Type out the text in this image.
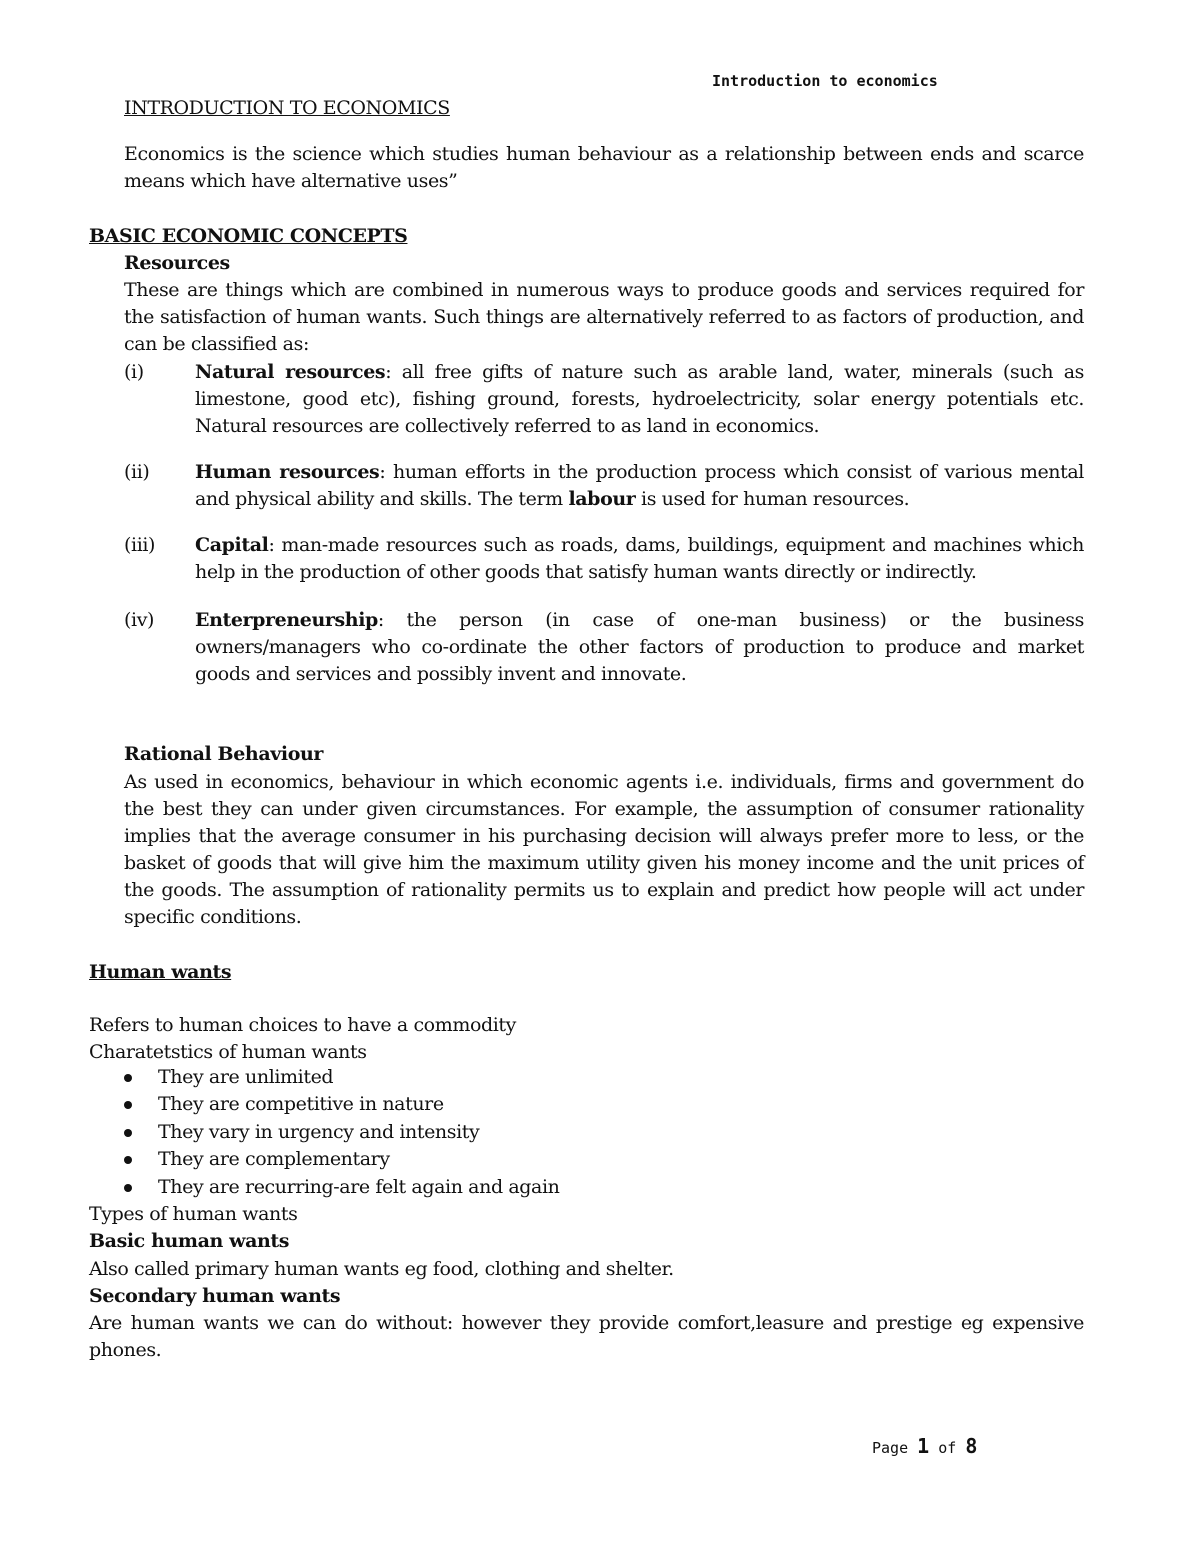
Introduction to economics
INTRODUCTION TO ECONOMICS
Economics is the science which studies human behaviour as a relationship between ends and scarce means which have alternative uses”
BASIC ECONOMIC CONCEPTS
Resources
These are things which are combined in numerous ways to produce goods and services required for the satisfaction of human wants. Such things are alternatively referred to as factors of production, and can be classified as:
(i)	Natural resources: all free gifts of nature such as arable land, water, minerals (such as limestone, good etc), fishing ground, forests, hydroelectricity, solar energy potentials etc. Natural resources are collectively referred to as land in economics.
(ii) Human resources: human efforts in the production process which consist of various mental and physical ability and skills. The term labour is used for human resources.
(iii) Capital: man-made resources such as roads, dams, buildings, equipment and machines which help in the production of other goods that satisfy human wants directly or indirectly.
(iv) Enterpreneurship: the person (in case of one-man business) or the business owners/managers who co-ordinate the other factors of production to produce and market goods and services and possibly invent and innovate.
Rational Behaviour
As used in economics, behaviour in which economic agents i.e. individuals, firms and government do the best they can under given circumstances. For example, the assumption of consumer rationality implies that the average consumer in his purchasing decision will always prefer more to less, or the basket of goods that will give him the maximum utility given his money income and the unit prices of the goods. The assumption of rationality permits us to explain and predict how people will act under specific conditions.
Human wants
Refers to human choices to have a commodity
Charatetstics of human wants
They are unlimited
They are competitive in nature
They vary in urgency and intensity
They are complementary
They are recurring-are felt again and again
Types of human wants
Basic human wants
Also called primary human wants eg food, clothing and shelter.
Secondary human wants
Are human wants we can do without: however they provide comfort,leasure and prestige eg expensive phones.
Page 1 of 8
